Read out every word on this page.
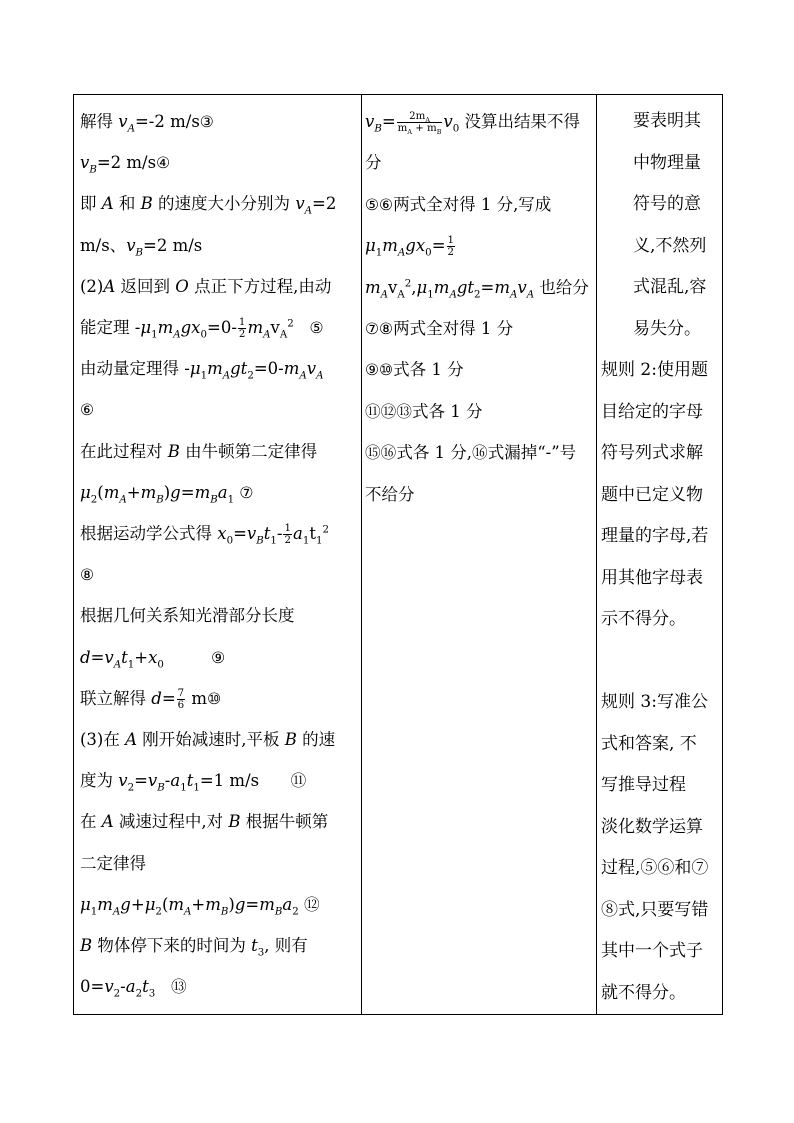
解得 $v_A=-2$ m/s③
$v_B=2$ m/s④
即 A 和 B 的速度大小分别为 $v_A=2$
m/s、$v_B=2$ m/s
(2)A 返回到 O 点正下方过程,由动
能定理 $-\mu_1m_Agx_0=0- \frac{1}{2} m_Av_A^2$ ⑤
由动量定理得 $-\mu_1m_Agt_2=0-m_Av_A$
⑥
在此过程对 B 由牛顿第二定律得
$\mu_2(m_A+m_B)g=m_Ba_1$ ⑦
根据运动学公式得 $x_0=v_Bt_1- \frac{1}{2} a_1t_1^2$
⑧
根据几何关系知光滑部分长度
$d=v_At_1+x_0$	⑨
联立解得 $d= \frac{7}{6}$ m⑩
(3)在 A 刚开始减速时,平板 B 的速
度为 $v_2=v_B-a_1t_1=1$ m/s      ⑪
在 A 减速过程中,对 B 根据牛顿第
二定律得
$\mu_1m_Ag+\mu_2(m_A+m_B)g=m_Ba_2$ ⑫
B 物体停下来的时间为 $t_3$, 则有
$0=v_2-a_2t_3$ ⑬

$v_B= \frac{2m_A}{m_A + m_B} v_0$ 没算出结果不得
分
⑤⑥两式全对得 1 分,写成
$\mu_1m_Agx_0= \frac{1}{2}$
$m_Av_A^2,\mu_1m_Agt_2=m_Av_A$ 也给分
⑦⑧两式全对得 1 分
⑨⑩式各 1 分
⑪⑫⑬式各 1 分
⑮⑯式各 1 分,⑯式漏掉“-”号
不给分

要表明其
中物理量
符号的意
义,不然列
式混乱,容
易失分。
规则 2:使用题
目给定的字母
符号列式求解
题中已定义物
理量的字母,若
用其他字母表
示不得分。
规则 3:写准公
式和答案, 不
写推导过程
淡化数学运算
过程,⑤⑥和⑦
⑧式,只要写错
其中一个式子
就不得分。
